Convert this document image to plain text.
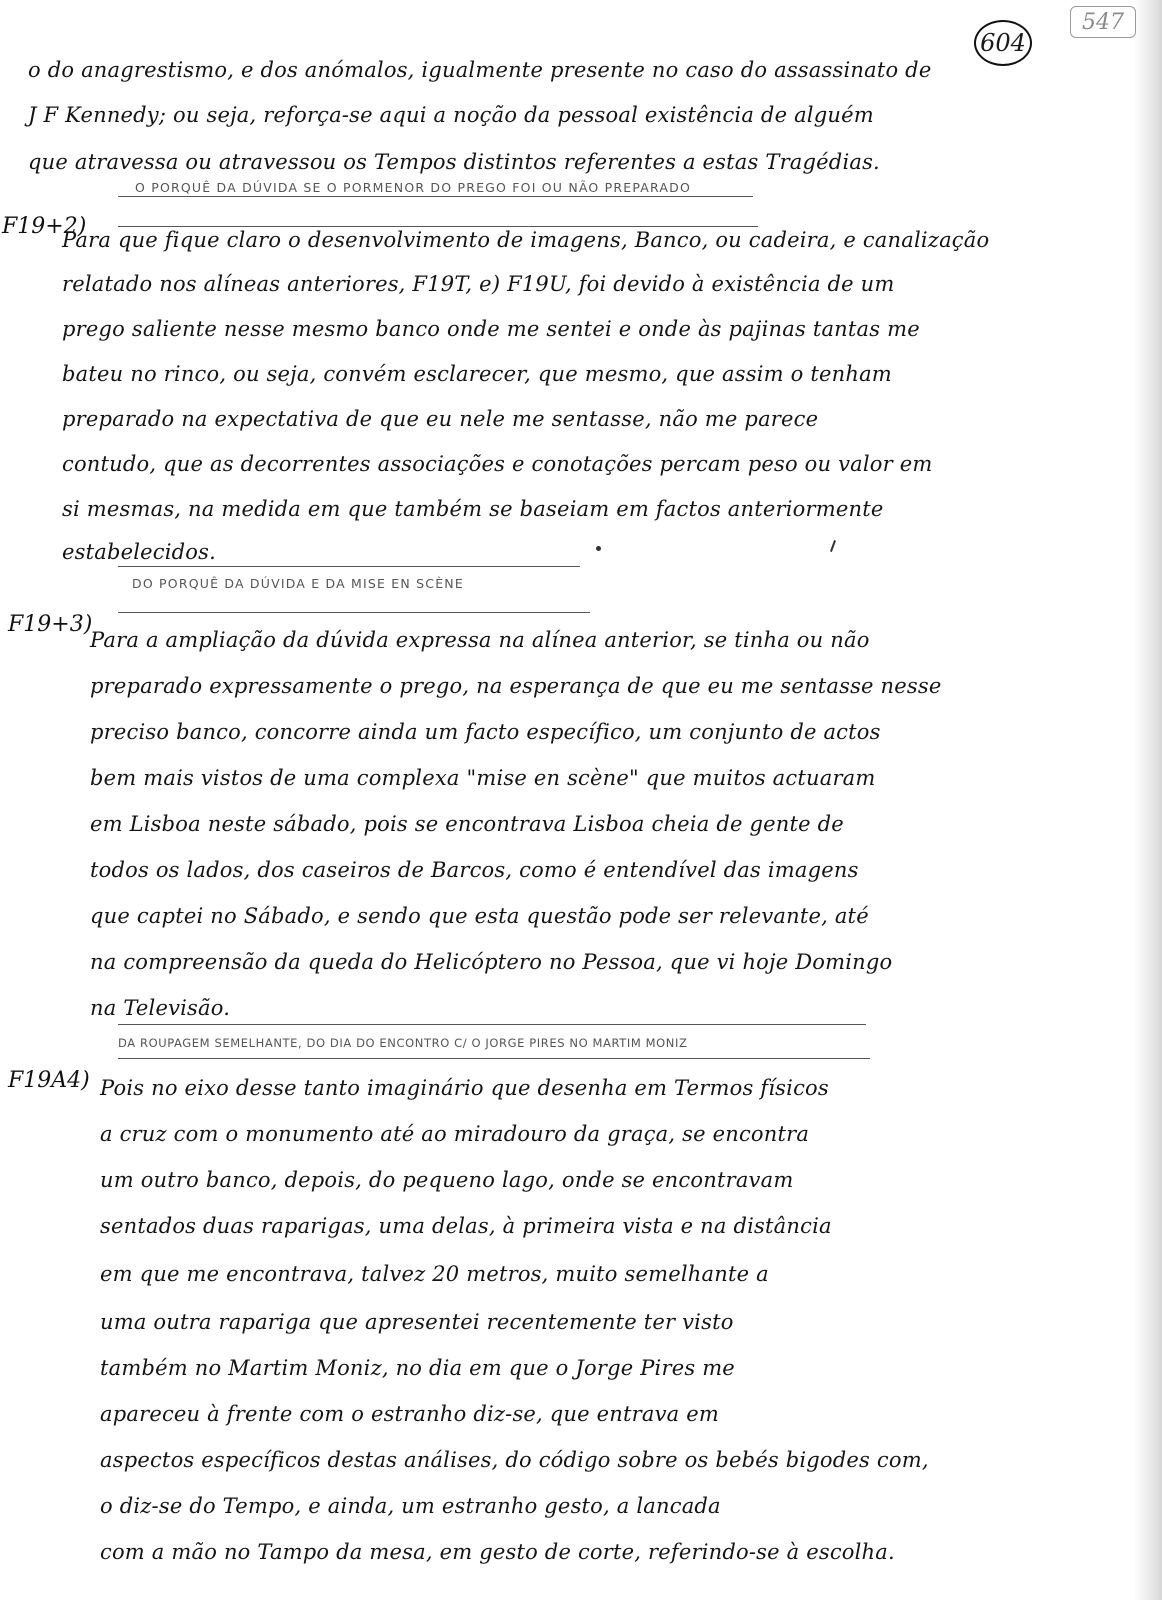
604
547
o do anagrestismo, e dos anómalos, igualmente presente no caso do assassinato de
J F Kennedy; ou seja, reforça-se aqui a noção da pessoal existência de alguém
que atravessa ou atravessou os Tempos distintos referentes a estas Tragédias.
O PORQUÊ DA DÚVIDA SE O PORMENOR DO PREGO FOI OU NÃO PREPARADO
F19+2)
Para que fique claro o desenvolvimento de imagens, Banco, ou cadeira, e canalização
relatado nos alíneas anteriores, F19T, e) F19U, foi devido à existência de um
prego saliente nesse mesmo banco onde me sentei e onde às pajinas tantas me
bateu no rinco, ou seja, convém esclarecer, que mesmo, que assim o tenham
preparado na expectativa de que eu nele me sentasse, não me parece
contudo, que as decorrentes associações e conotações percam peso ou valor em
si mesmas, na medida em que também se baseiam em factos anteriormente
estabelecidos.
DO PORQUÊ DA DÚVIDA E DA MISE EN SCÈNE
F19+3)
Para a ampliação da dúvida expressa na alínea anterior, se tinha ou não
preparado expressamente o prego, na esperança de que eu me sentasse nesse
preciso banco, concorre ainda um facto específico, um conjunto de actos
bem mais vistos de uma complexa "mise en scène" que muitos actuaram
em Lisboa neste sábado, pois se encontrava Lisboa cheia de gente de
todos os lados, dos caseiros de Barcos, como é entendível das imagens
que captei no Sábado, e sendo que esta questão pode ser relevante, até
na compreensão da queda do Helicóptero no Pessoa, que vi hoje Domingo
na Televisão.
DA ROUPAGEM SEMELHANTE, DO DIA DO ENCONTRO C/ O JORGE PIRES NO MARTIM MONIZ
F19A4) Pois no eixo desse tanto imaginário que desenha em Termos físicos
a cruz com o monumento até ao miradouro da graça, se encontra
um outro banco, depois, do pequeno lago, onde se encontravam
sentados duas raparigas, uma delas, à primeira vista e na distância
em que me encontrava, talvez 20 metros, muito semelhante a
uma outra rapariga que apresentei recentemente ter visto
também no Martim Moniz, no dia em que o Jorge Pires me
apareceu à frente com o estranho diz-se, que entrava em
aspectos específicos destas análises, do código sobre os bebés bigodes com,
o diz-se do Tempo, e ainda, um estranho gesto, a lancada
com a mão no Tampo da mesa, em gesto de corte, referindo-se à escolha.
